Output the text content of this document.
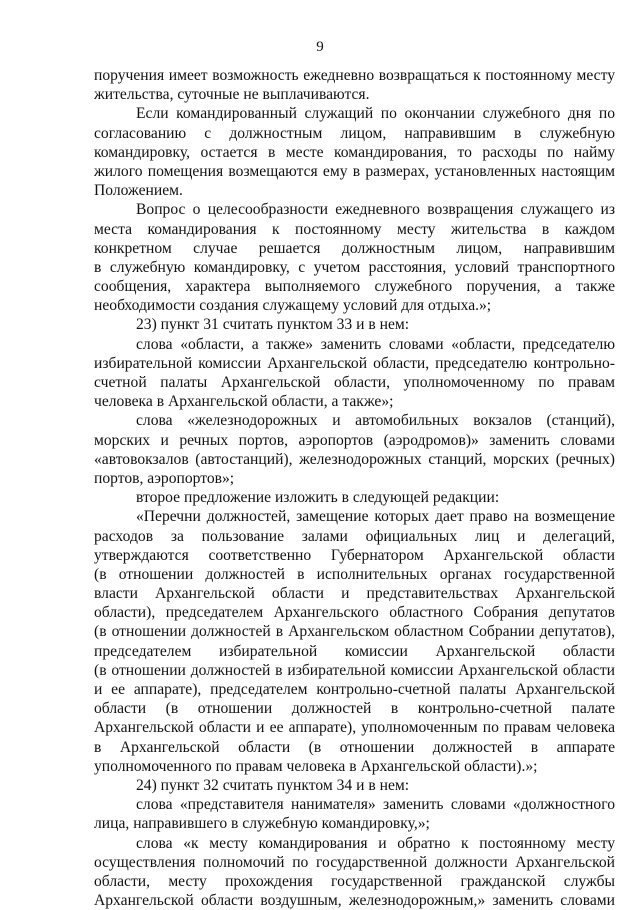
9
поручения имеет возможность ежедневно возвращаться к постоянному месту
жительства, суточные не выплачиваются.
Если командированный служащий по окончании служебного дня по
согласованию с должностным лицом, направившим в служебную
командировку, остается в месте командирования, то расходы по найму
жилого помещения возмещаются ему в размерах, установленных настоящим
Положением.
Вопрос о целесообразности ежедневного возвращения служащего из
места командирования к постоянному месту жительства в каждом
конкретном случае решается должностным лицом, направившим
в служебную командировку, с учетом расстояния, условий транспортного
сообщения, характера выполняемого служебного поручения, а также
необходимости создания служащему условий для отдыха.»;
23) пункт 31 считать пунктом 33 и в нем:
слова «области, а также» заменить словами «области, председателю
избирательной комиссии Архангельской области, председателю контрольно-
счетной палаты Архангельской области, уполномоченному по правам
человека в Архангельской области, а также»;
слова «железнодорожных и автомобильных вокзалов (станций),
морских и речных портов, аэропортов (аэродромов)» заменить словами
«автовокзалов (автостанций), железнодорожных станций, морских (речных)
портов, аэропортов»;
второе предложение изложить в следующей редакции:
«Перечни должностей, замещение которых дает право на возмещение
расходов за пользование залами официальных лиц и делегаций,
утверждаются соответственно Губернатором Архангельской области
(в отношении должностей в исполнительных органах государственной
власти Архангельской области и представительствах Архангельской
области), председателем Архангельского областного Собрания депутатов
(в отношении должностей в Архангельском областном Собрании депутатов),
председателем избирательной комиссии Архангельской области
(в отношении должностей в избирательной комиссии Архангельской области
и ее аппарате), председателем контрольно-счетной палаты Архангельской
области (в отношении должностей в контрольно-счетной палате
Архангельской области и ее аппарате), уполномоченным по правам человека
в Архангельской области (в отношении должностей в аппарате
уполномоченного по правам человека в Архангельской области).»;
24) пункт 32 считать пунктом 34 и в нем:
слова «представителя нанимателя» заменить словами «должностного
лица, направившего в служебную командировку,»;
слова «к месту командирования и обратно к постоянному месту
осуществления полномочий по государственной должности Архангельской
области, месту прохождения государственной гражданской службы
Архангельской области воздушным, железнодорожным,» заменить словами
